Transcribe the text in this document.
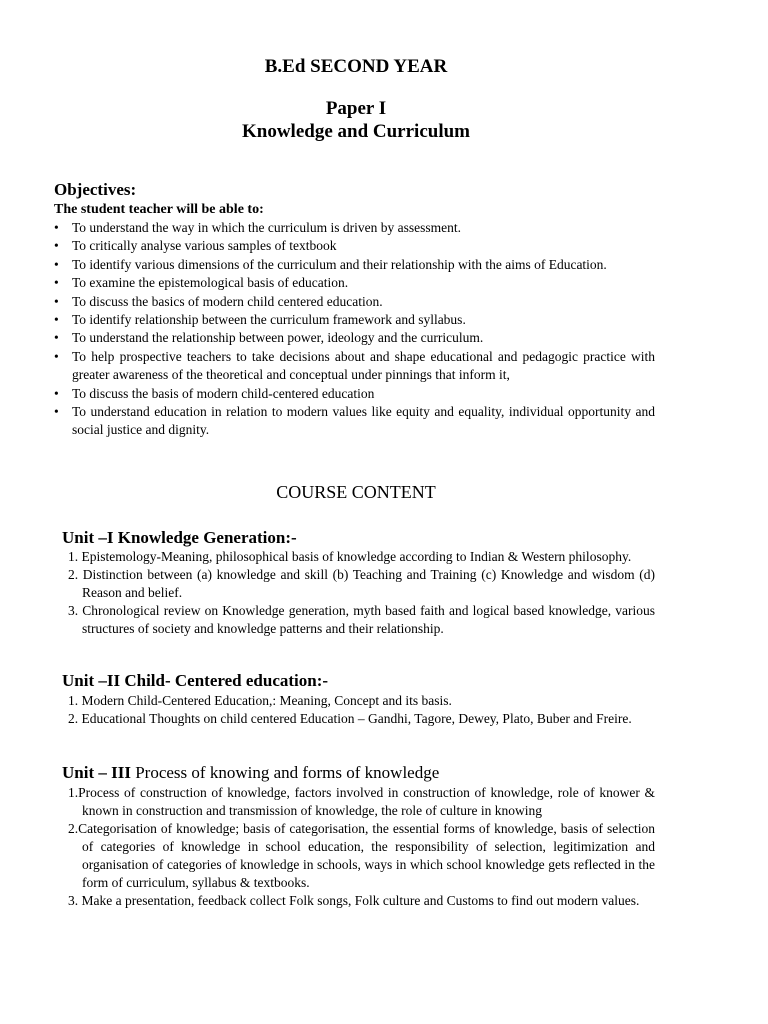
B.Ed SECOND YEAR
Paper I
Knowledge and Curriculum
Objectives:
The student teacher will be able to:
• To understand the way in which the curriculum is driven by assessment.
• To critically analyse various samples of textbook
• To identify various dimensions of the curriculum and their relationship with the aims of Education.
• To examine the epistemological basis of education.
• To discuss the basics of modern child centered education.
• To identify relationship between the curriculum framework and syllabus.
• To understand the relationship between power, ideology and the curriculum.
• To help prospective teachers to take decisions about and shape educational and pedagogic practice with greater awareness of the theoretical and conceptual under pinnings that inform it,
• To discuss the basis of modern child-centered education
• To understand education in relation to modern values like equity and equality, individual opportunity and social justice and dignity.
COURSE CONTENT
Unit –I Knowledge Generation:-
1. Epistemology-Meaning, philosophical basis of knowledge according to Indian & Western philosophy.
2. Distinction between (a) knowledge and skill (b) Teaching and Training (c) Knowledge and wisdom (d) Reason and belief.
3. Chronological review on Knowledge generation, myth based faith and logical based knowledge, various structures of society and knowledge patterns and their relationship.
Unit –II Child- Centered education:-
1. Modern Child-Centered Education,: Meaning, Concept and its basis.
2. Educational Thoughts on child centered Education – Gandhi, Tagore, Dewey, Plato, Buber and Freire.
Unit – III Process of knowing and forms of knowledge
1.Process of construction of knowledge, factors involved in construction of knowledge, role of knower & known in construction and transmission of knowledge, the role of culture in knowing
2.Categorisation of knowledge; basis of categorisation, the essential forms of knowledge, basis of selection of categories of knowledge in school education, the responsibility of selection, legitimization and organisation of categories of knowledge in schools, ways in which school knowledge gets reflected in the form of curriculum, syllabus & textbooks.
3. Make a presentation, feedback collect Folk songs, Folk culture and Customs to find out modern values.
